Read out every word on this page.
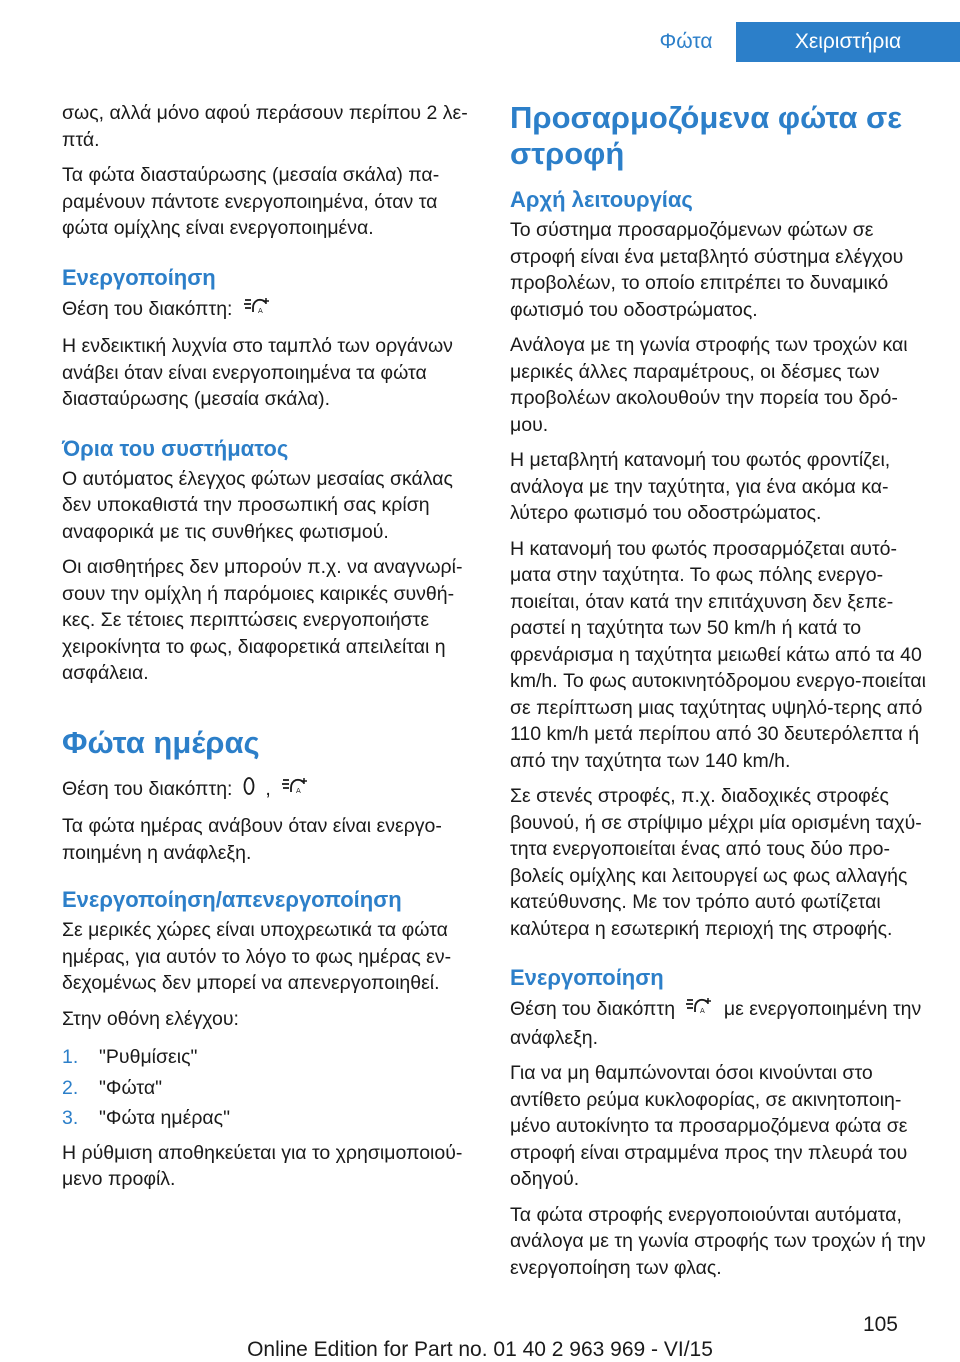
Φώτα	Χειριστήρια

σως, αλλά μόνο αφού περάσουν περίπου 2 λε‐πτά.

Τα φώτα διασταύρωσης (μεσαία σκάλα) πα‐ραμένουν πάντοτε ενεργοποιημένα, όταν τα φώτα ομίχλης είναι ενεργοποιημένα.

Ενεργοποίηση

Θέση του διακόπτη:	A

Η ενδεικτική λυχνία στο ταμπλό των οργάνων ανάβει όταν είναι ενεργοποιημένα τα φώτα διασταύρωσης (μεσαία σκάλα).

Όρια του συστήματος

Ο αυτόματος έλεγχος φώτων μεσαίας σκάλας δεν υποκαθιστά την προσωπική σας κρίση αναφορικά με τις συνθήκες φωτισμού.

Οι αισθητήρες δεν μπορούν π.χ. να αναγνωρί‐σουν την ομίχλη ή παρόμοιες καιρικές συνθή‐κες. Σε τέτοιες περιπτώσεις ενεργοποιήστε χειροκίνητα το φως, διαφορετικά απειλείται η ασφάλεια.

Φώτα ημέρας

Θέση του διακόπτη: ,	A

Τα φώτα ημέρας ανάβουν όταν είναι ενεργο‐ποιημένη η ανάφλεξη.

Ενεργοποίηση/απενεργοποίηση

Σε μερικές χώρες είναι υποχρεωτικά τα φώτα ημέρας, για αυτόν το λόγο το φως ημέρας εν‐δεχομένως δεν μπορεί να απενεργοποιηθεί.

Στην οθόνη ελέγχου:

1.	"Ρυθμίσεις"
2.	"Φώτα"
3.	"Φώτα ημέρας"

Η ρύθμιση αποθηκεύεται για το χρησιμοποιού‐μενο προφίλ.

Προσαρμοζόμενα φώτα σε στροφή
Αρχή λειτουργίας

Το σύστημα προσαρμοζόμενων φώτων σε στροφή είναι ένα μεταβλητό σύστημα ελέγχου προβολέων, το οποίο επιτρέπει το δυναμικό φωτισμό του οδοστρώματος.

Ανάλογα με τη γωνία στροφής των τροχών και μερικές άλλες παραμέτρους, οι δέσμες των προβολέων ακολουθούν την πορεία του δρό‐μου.

Η μεταβλητή κατανομή του φωτός φροντίζει, ανάλογα με την ταχύτητα, για ένα ακόμα κα‐λύτερο φωτισμό του οδοστρώματος.

Η κατανομή του φωτός προσαρμόζεται αυτό‐ματα στην ταχύτητα. Το φως πόλης ενεργο‐ποιείται, όταν κατά την επιτάχυνση δεν ξεπε‐ραστεί η ταχύτητα των 50 km/h ή κατά το φρενάρισμα η ταχύτητα μειωθεί κάτω από τα 40 km/h. Το φως αυτοκινητόδρομου ενεργο‐ποιείται σε περίπτωση μιας ταχύτητας υψηλό‐τερης από 110 km/h μετά περίπου από 30 δευτερόλεπτα ή από την ταχύτητα των 140 km/h.

Σε στενές στροφές, π.χ. διαδοχικές στροφές βουνού, ή σε στρίψιμο μέχρι μία ορισμένη ταχύ‐τητα ενεργοποιείται ένας από τους δύο προ‐βολείς ομίχλης και λειτουργεί ως φως αλλαγής κατεύθυνσης. Με τον τρόπο αυτό φωτίζεται καλύτερα η εσωτερική περιοχή της στροφής.

Ενεργοποίηση

Θέση του διακόπτη	A με ενεργοποιημένη την ανάφλεξη.

Για να μη θαμπώνονται όσοι κινούνται στο αντίθετο ρεύμα κυκλοφορίας, σε ακινητοποιη‐μένο αυτοκίνητο τα προσαρμοζόμενα φώτα σε στροφή είναι στραμμένα προς την πλευρά του οδηγού.

Τα φώτα στροφής ενεργοποιούνται αυτόματα, ανάλογα με τη γωνία στροφής των τροχών ή την ενεργοποίηση των φλας.

105
Online Edition for Part no. 01 40 2 963 969 - VI/15
